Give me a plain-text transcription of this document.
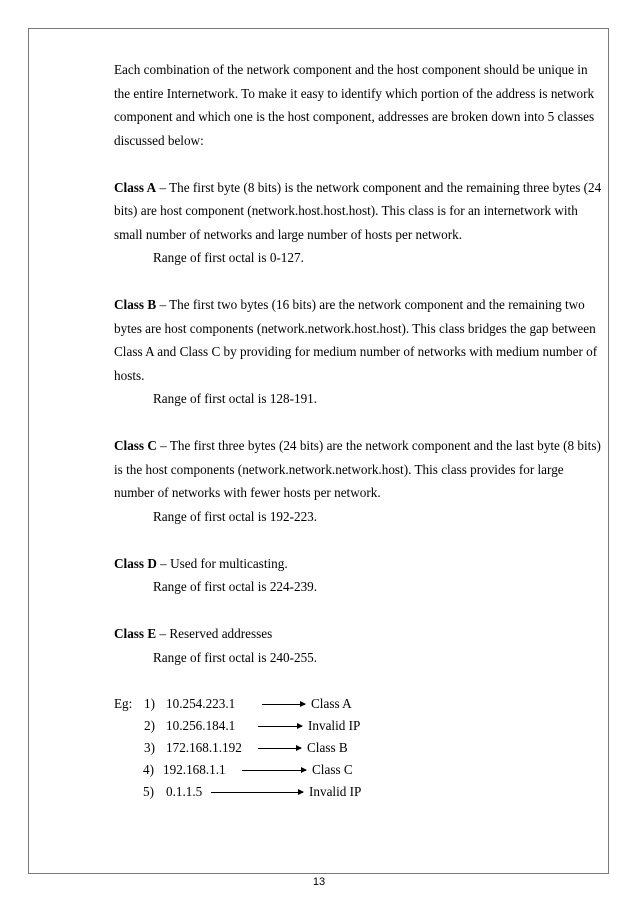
Each combination of the network component and the host component should be unique in the entire Internetwork. To make it easy to identify which portion of the address is network component and which one is the host component, addresses are broken down into 5 classes discussed below:

Class A – The first byte (8 bits) is the network component and the remaining three bytes (24 bits) are host component (network.host.host.host). This class is for an internetwork with small number of networks and large number of hosts per network.

Range of first octal is 0-127.

Class B – The first two bytes (16 bits) are the network component and the remaining two bytes are host components (network.network.host.host). This class bridges the gap between Class A and Class C by providing for medium number of networks with medium number of hosts.

Range of first octal is 128-191.

Class C – The first three bytes (24 bits) are the network component and the last byte (8 bits) is the host components (network.network.network.host). This class provides for large number of networks with fewer hosts per network.

Range of first octal is 192-223.

Class D – Used for multicasting.

Range of first octal is 224-239.

Class E – Reserved addresses

Range of first octal is 240-255.

Eg: 1) 10.254.223.1	Class A
2) 10.256.184.1	Invalid IP
3) 172.168.1.192	Class B
4) 192.168.1.1	Class C
5) 0.1.1.5	Invalid IP
13
